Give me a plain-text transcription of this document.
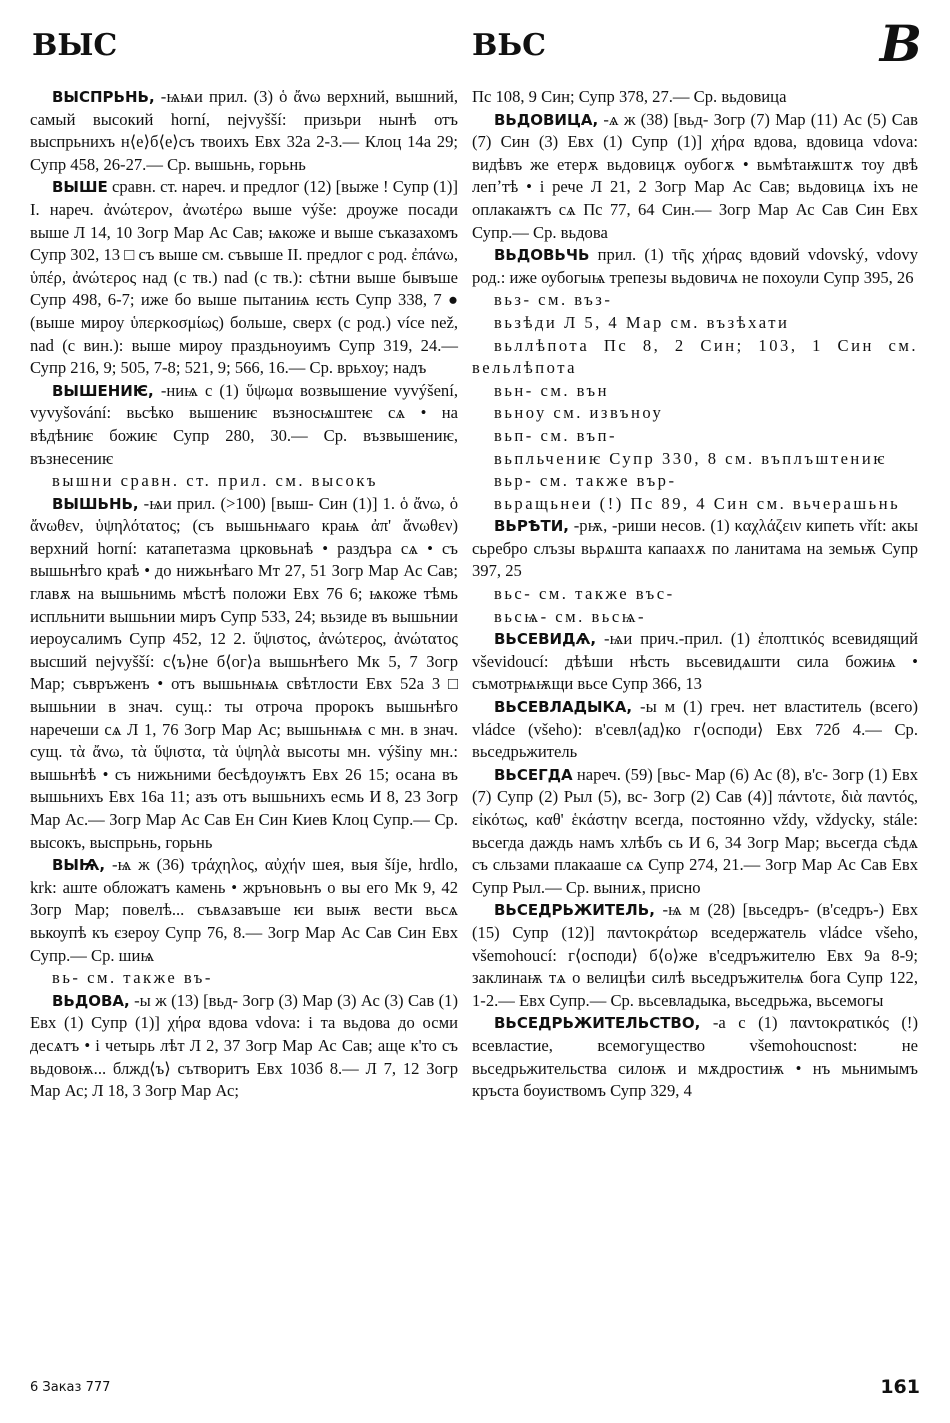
ВЫС	ВЬС	В

ВЫСПРЬНЬ, -ѩѩи прил. (3) ὁ ἄνω верхний, вышний, самый высокий horní, nejvyšší: призьри нынѣ отъ выспрьнихъ н⟨е⟩б⟨е⟩съ твоихъ Евх 32а 2-3.— Клоц 14а 29; Супр 458, 26-27.— Ср. вышьнь, горьнь

ВЫШЕ сравн. ст. нареч. и предлог (12) [выже ! Супр (1)] I. нареч. ἀνώτερον, ἀνωτέρω выше výše: дроуже посади выше Л 14, 10 Зогр Мар Ас Сав; ѩкоже и выше съказахомъ Супр 302, 13 □ съ выше см. съвыше II. предлог с род. ἐπάνω, ὑπέρ, ἀνώτερος над (с тв.) nad (с тв.): сѣтни выше бывъше Супр 498, 6-7; иже бо выше пытаниѩ ѥсть Супр 338, 7 ● (выше мироу ὑπερκοσμίως) больше, сверх (с род.) více než, nad (с вин.): выше мироу праздьноуимъ Супр 319, 24.— Супр 216, 9; 505, 7-8; 521, 9; 566, 16.— Ср. врьхоу; надъ

ВЫШЕНИѤ, -ниѩ с (1) ὕψωμα возвышение vyvýšení, vyvyšování: вьсѣко вышениѥ възносѩштеѥ сѧ • на вѣдѣниѥ божиѥ Супр 280, 30.— Ср. възвышениѥ, възнесениѥ

вышни сравн. ст. прил. см. высокъ

ВЫШЬНЬ, -ѩи прил. (>100) [выш- Син (1)] 1. ὁ ἄνω, ὁ ἄνωθεν, ὑψηλότατος; (съ вышьнѩаго краѩ ἀπ' ἄνωθεν) верхний horní: катапетазма црковьнаѣ • раздъра сѧ • съ вышьнѣго краѣ • до нижьнѣаго Мт 27, 51 Зогр Мар Ас Сав; главѫ на вышьнимь мѣстѣ положи Евх 76 6; ѩкоже тѣмь испльнити вышьнии миръ Супр 533, 24; вьзиде въ вышьнии иероусалимъ Супр 452, 12 2. ὕψιστος, ἀνώτερος, ἀνώτατος высший nejvyšší: с⟨ъ⟩не б⟨ог⟩а вышьнѣего Мк 5, 7 Зогр Мар; съвръженъ • отъ вышьнѩѩ свѣтлости Евх 52а 3 □ вышьнии в знач. сущ.: ты отроча пророкъ вышьнѣго наречеши сѧ Л 1, 76 Зогр Мар Ас; вышьнѩѩ с мн. в знач. сущ. τὰ ἄνω, τὰ ὕψιστα, τὰ ὑψηλὰ высоты мн. výšiny мн.: вышьнѣѣ • съ нижьними бесѣдоуѭтъ Евх 26 15; осана въ вышьнихъ Евх 16а 11; азъ отъ вышьнихъ есмь И 8, 23 Зогр Мар Ас.— Зогр Мар Ас Сав Ен Син Киев Клоц Супр.— Ср. высокъ, выспрьнь, горьнь

ВЫѨ, -ѩ ж (36) τράχηλος, αὐχήν шея, выя šíje, hrdlo, krk: аште обложатъ камень • жръновьнъ о вы его Мк 9, 42 Зогр Мар; повелѣ... съвѧзавъше ѥи выѭ вести вьсѧ вькоупѣ къ єзероу Супр 76, 8.— Зогр Мар Ас Сав Син Евх Супр.— Ср. шиѩ

вь- см. также въ-

ВЬДОВА, -ы ж (13) [вьд- Зогр (3) Мар (3) Ас (3) Сав (1) Евх (1) Супр (1)] χήρα вдова vdova: і та вьдова до осми десѧтъ • і четырь лѣт Л 2, 37 Зогр Мар Ас Сав; аще к'то съ вьдовоѭ... блжд⟨ъ⟩ сътворитъ Евх 103б 8.— Л 7, 12 Зогр Мар Ас; Л 18, 3 Зогр Мар Ас;

Пс 108, 9 Син; Супр 378, 27.— Ср. вьдовица

ВЬДОВИЦА, -ѧ ж (38) [вьд- Зогр (7) Мар (11) Ас (5) Сав (7) Син (3) Евх (1) Супр (1)] χήρα вдова, вдовица vdova: видѣвъ же етерѫ вьдовицѫ оубогѫ • вьмѣтаѭштѫ тоу двѣ лепʼтѣ • і рече Л 21, 2 Зогр Мар Ас Сав; вьдовицѧ іхъ не оплакаѭтъ сѧ Пс 77, 64 Син.— Зогр Мар Ас Сав Син Евх Супр.— Ср. вьдова

ВЬДОВЬЧЬ прил. (1) τῆς χήρας вдовий vdovský, vdovy род.: иже оубогыѩ трепезы вьдовичѧ не похоули Супр 395, 26

вьз- см. въз-

вьзѣди Л 5, 4 Мар см. възѣхати

вьллѣпота Пс 8, 2 Син; 103, 1 Син см. вельлѣпота

вьн- см. вън

вьноу см. извъноу

вьп- см. въп-

вьпльчениѥ Супр 330, 8 см. въплъштениѥ

вьр- см. также вър-

вьращьнеи (!) Пс 89, 4 Син см. вьчерашьнь

ВЬРѢТИ, -рѭ, -риши несов. (1) καχλάζειν кипеть vřít: акы сьребро слъзы вьрѧшта капаахѫ по ланитама на земьѭ Супр 397, 25

вьс- см. также въс-

вьсѩ- см. вьсѩ-

ВЬСЕВИДѦ, -ѩи прич.-прил. (1) ἐποπτικός всевидящий vševidoucí: дѣѣши нѣсть вьсевидѧшти сила божиѩ • съмотрѩѭщи вьсе Супр 366, 13

ВЬСЕВЛАДЫКА, -ы м (1) греч. нет властитель (всего) vládce (všeho): в'севл⟨ад⟩ко г⟨осподи⟩ Евх 72б 4.— Ср. вьседрьжитель

ВЬСЕГДА нареч. (59) [вьс- Мар (6) Ас (8), в'с- Зогр (1) Евх (7) Супр (2) Рыл (5), вс- Зогр (2) Сав (4)] πάντοτε, διὰ παντός, εἰκότως, καθ' ἑκάστην всегда, постоянно vždy, vždycky, stále: вьсегда даждь намъ хлѣбъ сь И 6, 34 Зогр Мар; вьсегда сѣдѧ съ сльзами плакааше сѧ Супр 274, 21.— Зогр Мар Ас Сав Евх Супр Рыл.— Ср. выниѫ, присно

ВЬСЕДРЬЖИТЕЛЬ, -ѩ м (28) [вьседръ- (в'седръ-) Евх (15) Супр (12)] παντοκράτωρ вседержатель vládce všeho, všemohoucí: г⟨осподи⟩ б⟨о⟩же в'седръжителю Евх 9а 8-9; заклинаѭ тѧ о велицѣи силѣ вьседръжителѩ бога Супр 122, 1-2.— Евх Супр.— Ср. вьсевладыка, вьседрьжа, вьсемогы

ВЬСЕДРЬЖИТЕЛЬСТВО, -а с (1) παντοκρατικός (!) всевластие, всемогущество všemohoucnost: не вьседрьжительства силоѭ и мѫдростиѭ • нъ мьнимымъ кръста боуиствомъ Супр 329, 4

6 Заказ 777	161
